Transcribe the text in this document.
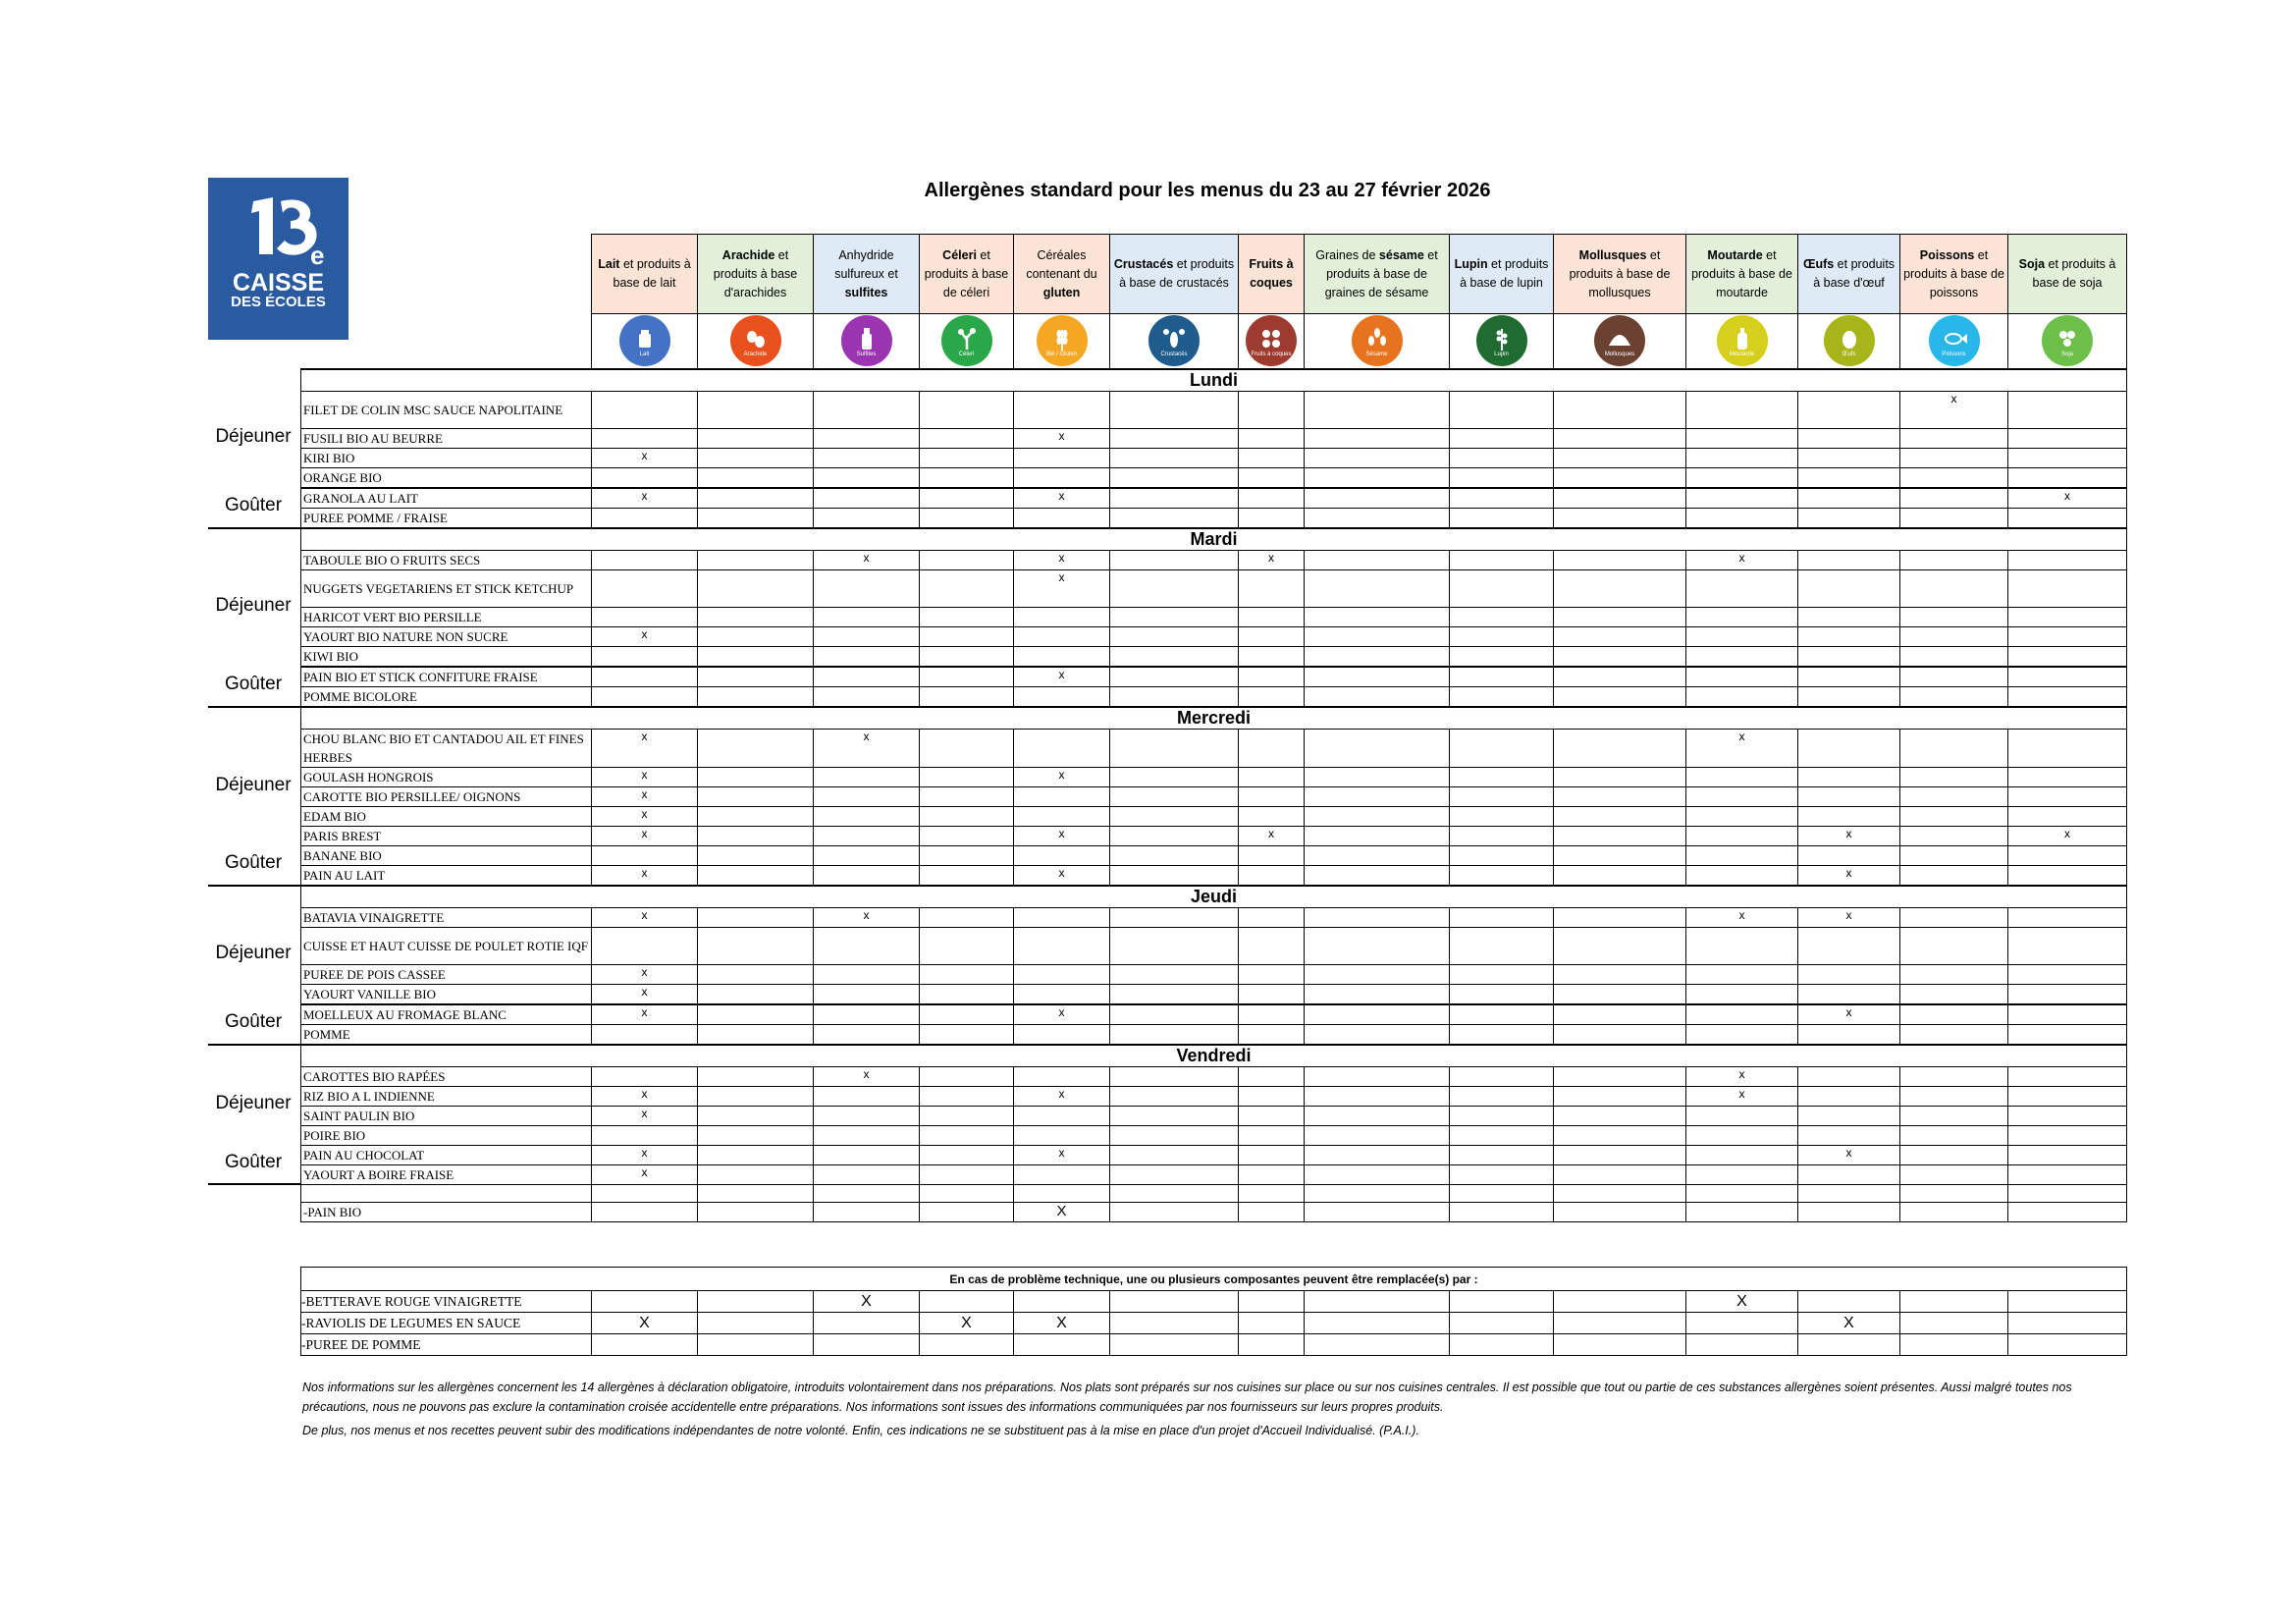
e
CAISSE
DES ÉCOLES
Allergènes standard pour les menus du 23 au 27 février 2026
	Lait et produits à base de lait	Arachide et produits à base d'arachides	Anhydride sulfureux et sulfites	Céleri et produits à base de céleri	Céréales contenant du gluten	Crustacés et produits à base de crustacés	Fruits à coques	Graines de sésame et produits à base de graines de sésame	Lupin et produits à base de lupin	Mollusques et produits à base de mollusques	Moutarde et produits à base de moutarde	Œufs et produits à base d'œuf	Poissons et produits à base de poissons	Soja et produits à base de soja

	Lait	Arachide	Sulfites	Céleri	Blé / Gluten	Crustacés	Fruits à coques	Sésame	Lupin	Mollusques	Moutarde	Œufs	Poissons	Soja

Lundi														
FILET DE COLIN MSC SAUCE NAPOLITAINE													x	
FUSILI BIO AU BEURRE					x									
KIRI BIO	x													
ORANGE BIO														
GRANOLA AU LAIT	x				x									x
PUREE POMME / FRAISE														
Mardi														
TABOULE BIO O FRUITS SECS			x		x		x				x			
NUGGETS VEGETARIENS ET STICK KETCHUP					x									
HARICOT VERT BIO PERSILLE														
YAOURT BIO NATURE NON SUCRE	x													
KIWI BIO														
PAIN BIO ET STICK CONFITURE FRAISE					x									
POMME BICOLORE														
Mercredi														
CHOU BLANC BIO ET CANTADOU AIL ET FINES HERBES	x		x								x			
GOULASH HONGROIS	x				x									
CAROTTE BIO PERSILLEE/ OIGNONS	x													
EDAM BIO	x													
PARIS BREST	x				x		x					x		x
BANANE BIO														
PAIN AU LAIT	x				x							x		
Jeudi														
BATAVIA VINAIGRETTE	x		x								x	x		
CUISSE ET HAUT CUISSE DE POULET ROTIE IQF														
PUREE DE POIS CASSEE	x													
YAOURT VANILLE BIO	x													
MOELLEUX AU FROMAGE BLANC	x				x							x		
POMME														
Vendredi														
CAROTTES BIO RAPÉES			x								x			
RIZ BIO A L INDIENNE	x				x						x			
SAINT PAULIN BIO	x													
POIRE BIO														
PAIN AU CHOCOLAT	x				x							x		
YAOURT A BOIRE FRAISE	x													

-PAIN BIO					X									
Déjeuner
Goûter
Déjeuner
Goûter
Déjeuner
Goûter
Déjeuner
Goûter
Déjeuner
Goûter
En cas de problème technique, une ou plusieurs composantes peuvent être remplacée(s) par :														
-BETTERAVE ROUGE VINAIGRETTE			X								X			
-RAVIOLIS DE LEGUMES EN SAUCE	X			X	X							X		
-PUREE DE POMME														

Nos informations sur les allergènes concernent les 14 allergènes à déclaration obligatoire, introduits volontairement dans nos préparations. Nos plats sont préparés sur nos cuisines sur place ou sur nos cuisines centrales. Il est possible que tout ou partie de ces substances allergènes soient présentes. Aussi malgré toutes nos précautions, nous ne pouvons pas exclure la contamination croisée accidentelle entre préparations. Nos informations sont issues des informations communiquées par nos fournisseurs sur leurs propres produits.

De plus, nos menus et nos recettes peuvent subir des modifications indépendantes de notre volonté. Enfin, ces indications ne se substituent pas à la mise en place d'un projet d'Accueil Individualisé. (P.A.I.).
